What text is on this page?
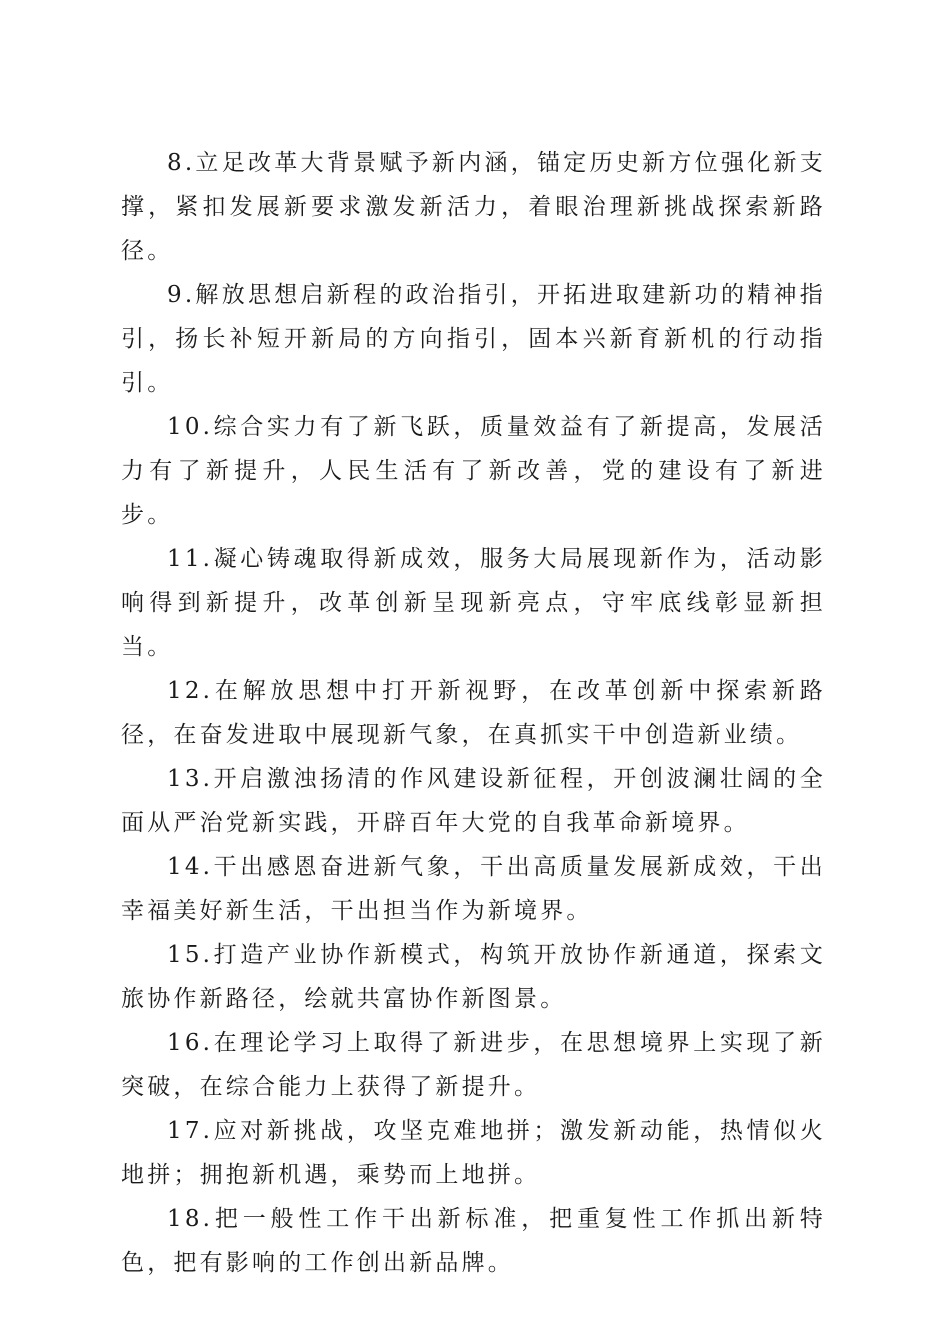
8.立足改革大背景赋予新内涵，锚定历史新方位强化新支撑，紧扣发展新要求激发新活力，着眼治理新挑战探索新路径。

9.解放思想启新程的政治指引，开拓进取建新功的精神指引，扬长补短开新局的方向指引，固本兴新育新机的行动指引。

10.综合实力有了新飞跃，质量效益有了新提高，发展活力有了新提升，人民生活有了新改善，党的建设有了新进步。

11.凝心铸魂取得新成效，服务大局展现新作为，活动影响得到新提升，改革创新呈现新亮点，守牢底线彰显新担当。

12.在解放思想中打开新视野，在改革创新中探索新路径，在奋发进取中展现新气象，在真抓实干中创造新业绩。

13.开启激浊扬清的作风建设新征程，开创波澜壮阔的全面从严治党新实践，开辟百年大党的自我革命新境界。

14.干出感恩奋进新气象，干出高质量发展新成效，干出幸福美好新生活，干出担当作为新境界。

15.打造产业协作新模式，构筑开放协作新通道，探索文旅协作新路径，绘就共富协作新图景。

16.在理论学习上取得了新进步，在思想境界上实现了新突破，在综合能力上获得了新提升。

17.应对新挑战，攻坚克难地拼；激发新动能，热情似火地拼；拥抱新机遇，乘势而上地拼。

18.把一般性工作干出新标准，把重复性工作抓出新特色，把有影响的工作创出新品牌。
